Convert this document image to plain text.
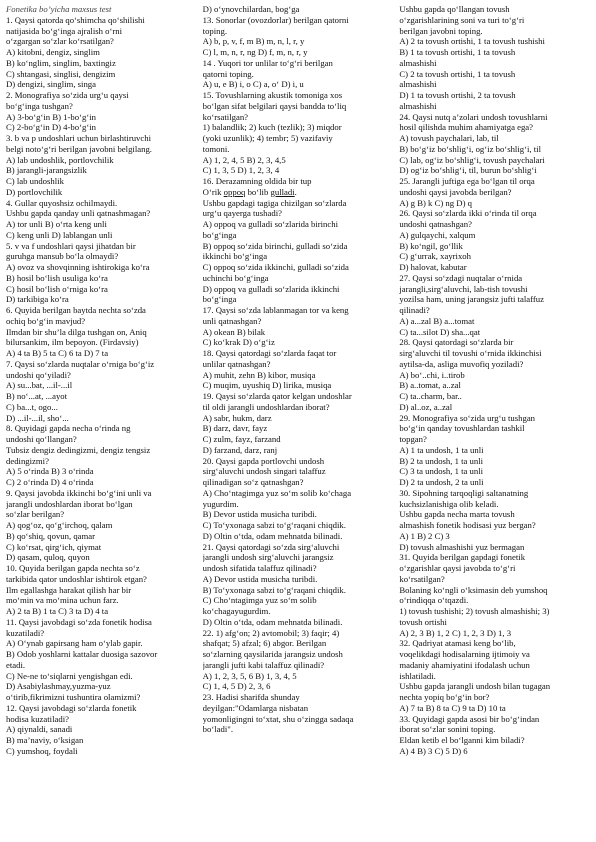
Fonetika bo’yicha maxsus test
1. Qaysi qatorda qo‘shimcha qo‘shilishi
natijasida bo‘g‘inga ajralish o‘rni
o‘zgargan so‘zlar ko‘rsatilgan?
A) kitobni, dengiz, singlim
B) ko‘nglim, singlim, baxtingiz
C) shtangasi, singlisi, dengizim
D) dengizi, singlim, singa
2. Monografiya so‘zida urg‘u qaysi
bo‘g‘inga tushgan?
A) 3-bo‘g‘in B) 1-bo‘g‘in
C) 2-bo‘g‘in D) 4-bo‘g‘in
3. b va p undoshlari uchun birlashtiruvchi
belgi noto‘g‘ri berilgan javobni belgilang.
A) lab undoshlik, portlovchilik
B) jarangli-jarangsizlik
C) lab undoshlik
D) portlovchilik
4. Gullar quyoshsiz ochilmaydi.
Ushbu gapda qanday unli qatnashmagan?
A) tor unli B) o‘rta keng unli
C) keng unli D) lablangan unli
5. v va f undoshlari qaysi jihatdan bir
guruhga mansub bo‘la olmaydi?
A) ovoz va shovqinning ishtirokiga ko‘ra
B) hosil bo‘lish usuliga ko‘ra
C) hosil bo‘lish o‘rniga ko‘ra
D) tarkibiga ko‘ra
6. Quyida berilgan baytda nechta so‘zda
ochiq bo‘g‘in mavjud?
Ilmdan bir shu’la dilga tushgan on, Aniq
bilursankim, ilm bepoyon. (Firdavsiy)
A) 4 ta B) 5 ta C) 6 ta D) 7 ta
7. Qaysi so‘zlarda nuqtalar o‘rniga bo‘g‘iz
undoshi qo‘yiladi?
A) su...bat, ...il-...il
B) no‘...at, ...ayot
C) ba...t, ogo...
D) ...il-...il, sho‘...
8. Quyidagi gapda necha o‘rinda ng
undoshi qo‘llangan?
Tubsiz dengiz dedingizmi, dengiz tengsiz
dedingizmi?
A) 5 o‘rinda B) 3 o‘rinda
C) 2 o‘rinda D) 4 o‘rinda
9. Qaysi javobda ikkinchi bo‘g‘ini unli va
jarangli undoshlardan iborat bo‘lgan
so‘zlar berilgan?
A) qog‘oz, qo‘g‘irchoq, qalam
B) qo‘shiq, qovun, qamar
C) ko‘rsat, qirg‘ich, qiymat
D) qasam, quloq, quyon
10. Quyida berilgan gapda nechta so‘z
tarkibida qator undoshlar ishtirok etgan?
Ilm egallashga harakat qilish har bir
mo‘min va mo‘mina uchun farz.
A) 2 ta B) 1 ta C) 3 ta D) 4 ta
11. Qaysi javobdagi so‘zda fonetik hodisa
kuzatiladi?
A) O‘ynab gapirsang ham o‘ylab gapir.
B) Odob yoshlarni kattalar duosiga sazovor
etadi.
C) Ne-ne to‘siqlarni yengishgan edi.
D) Asabiylashmay,yuzma-yuz
o‘tirib,fikrimizni tushuntira olamizmi?
12. Qaysi javobdagi so‘zlarda fonetik
hodisa kuzatiladi?
A) qiynaldi, sanadi
B) ma’naviy, o‘ksigan
C) yumshoq, foydali
D) o‘ynovchilardan, bog‘ga
13. Sonorlar (ovozdorlar) berilgan qatorni
toping.
A) b, p, v, f, m B) m, n, l, r, y
C) l, m, n, r, ng D) f, m, n, r, y
14 . Yuqori tor unlilar to‘g‘ri berilgan
qatorni toping.
A) u, e B) i, o C) a, o‘ D) i, u
15. Tovushlarning akustik tomoniga xos
bo‘lgan sifat belgilari qaysi bandda to‘liq
ko‘rsatilgan?
1) balandlik; 2) kuch (tezlik); 3) miqdor
(yoki uzunlik); 4) tembr; 5) vazifaviy
tomoni.
A) 1, 2, 4, 5 B) 2, 3, 4,5
C) 1, 3, 5 D) 1, 2, 3, 4
16. Derazamning oldida bir tup
O‘rik oppoq bo‘lib gulladi.
Ushbu gapdagi tagiga chizilgan so‘zlarda
urg‘u qayerga tushadi?
A) oppoq va gulladi so‘zlarida birinchi
bo‘g‘inga
B) oppoq so‘zida birinchi, gulladi so‘zida
ikkinchi bo‘g‘inga
C) oppoq so‘zida ikkinchi, gulladi so‘zida
uchinchi bo‘g‘inga
D) oppoq va gulladi so‘zlarida ikkinchi
bo‘g‘inga
17. Qaysi so‘zda lablanmagan tor va keng
unli qatnashgan?
A) okean B) bilak
C) ko‘krak D) o‘g‘iz
18. Qaysi qatordagi so‘zlarda faqat tor
unlilar qatnashgan?
A) muhit, zehn B) kibor, musiqa
C) muqim, uyushiq D) lirika, musiqa
19. Qaysi so‘zlarda qator kelgan undoshlar
til oldi jarangli undoshlardan iborat?
A) sabr, hukm, darz
B) darz, davr, fayz
C) zulm, fayz, farzand
D) farzand, darz, ranj
20. Qaysi gapda portlovchi undosh
sirg‘aluvchi undosh singari talaffuz
qilinadigan so‘z qatnashgan?
A) Cho‘ntagimga yuz so‘m solib ko‘chaga
yugurdim.
B) Devor ustida musicha turibdi.
C) To‘yxonaga sabzi to‘g‘raqani chiqdik.
D) Oltin o‘tda, odam mehnatda bilinadi.
21. Qaysi qatordagi so‘zda sirg‘aluvchi
jarangli undosh sirg‘aluvchi jarangsiz
undosh sifatida talaffuz qilinadi?
A) Devor ustida musicha turibdi.
B) To‘yxonaga sabzi to‘g‘raqani chiqdik.
C) Cho‘ntagimga yuz so‘m solib
ko‘chagayugurdim.
D) Oltin o‘tda, odam mehnatda bilinadi.
22. 1) afg‘on; 2) avtomobil; 3) faqir; 4)
shafqat; 5) afzal; 6) abgor. Berilgan
so‘zlarning qaysilarida jarangsiz undosh
jarangli jufti kabi talaffuz qilinadi?
A) 1, 2, 3, 5, 6 B) 1, 3, 4, 5
C) 1, 4, 5 D) 2, 3, 6
23. Hadisi sharifda shunday
deyilgan:"Odamlarga nisbatan
yomonligingni to‘xtat, shu o‘zingga sadaqa
bo‘ladi".
Ushbu gapda qo‘llangan tovush
o‘zgarishlarining soni va turi to‘g‘ri
berilgan javobni toping.
A) 2 ta tovush ortishi, 1 ta tovush tushishi
B) 1 ta tovush ortishi, 1 ta tovush
almashishi
C) 2 ta tovush ortishi, 1 ta tovush
almashishi
D) 1 ta tovush ortishi, 2 ta tovush
almashishi
24. Qaysi nutq a’zolari undosh tovushlarni
hosil qilishda muhim ahamiyatga ega?
A) tovush paychalari, lab, til
B) bo‘g‘iz bo‘shlig‘i, og‘iz bo‘shlig‘i, til
C) lab, og‘iz bo‘shlig‘i, tovush paychalari
D) og‘iz bo‘shlig‘i, til, burun bo‘shlig‘i
25. Jarangli juftiga ega bo‘lgan til orqa
undoshi qaysi javobda berilgan?
A) g B) k C) ng D) q
26. Qaysi so‘zlarda ikki o‘rinda til orqa
undoshi qatnashgan?
A) gulqaychi, xalqum
B) ko‘ngil, go‘llik
C) g‘urrak, xayrixoh
D) halovat, kabutar
27. Qaysi so‘zdagi nuqtalar o‘rnida
jarangli,sirg‘aluvchi, lab-tish tovushi
yozilsa ham, uning jarangsiz jufti talaffuz
qilinadi?
A) a...zal B) a...tomat
C) ta...silot D) sha...qat
28. Qaysi qatordagi so‘zlarda bir
sirg‘aluvchi til tovushi o‘rnida ikkinchisi
aytilsa-da, asliga muvofiq yoziladi?
A) bo‘..chi, i..tirob
B) a..tomat, a..zal
C) ta..charm, bar..
D) al..oz, a..zal
29. Monografiya so‘zida urg‘u tushgan
bo‘g‘in qanday tovushlardan tashkil
topgan?
A) 1 ta undosh, 1 ta unli
B) 2 ta undosh, 1 ta unli
C) 3 ta undosh, 1 ta unli
D) 2 ta undosh, 2 ta unli
30. Sipohning tarqoqligi saltanatning
kuchsizlanishiga olib keladi.
Ushbu gapda necha marta tovush
almashish fonetik hodisasi yuz bergan?
A) 1 B) 2 C) 3
D) tovush almashishi yuz bermagan
31. Quyida berilgan gapdagi fonetik
o‘zgarishlar qaysi javobda to‘g‘ri
ko‘rsatilgan?
Bolaning ko‘ngli o‘ksimasin deb yumshoq
o‘rindiqqa o‘tqazdi.
1) tovush tushishi; 2) tovush almashishi; 3)
tovush ortishi
A) 2, 3 B) 1, 2 C) 1, 2, 3 D) 1, 3
32. Qadriyat atamasi keng bo‘lib,
voqelikdagi hodisalarning ijtimoiy va
madaniy ahamiyatini ifodalash uchun
ishlatiladi.
Ushbu gapda jarangli undosh bilan tugagan
nechta yopiq bo‘g‘in bor?
A) 7 ta B) 8 ta C) 9 ta D) 10 ta
33. Quyidagi gapda asosi bir bo‘g‘indan
iborat so‘zlar sonini toping.
Eldan ketib el bo‘lganni kim biladi?
A) 4 B) 3 C) 5 D) 6
